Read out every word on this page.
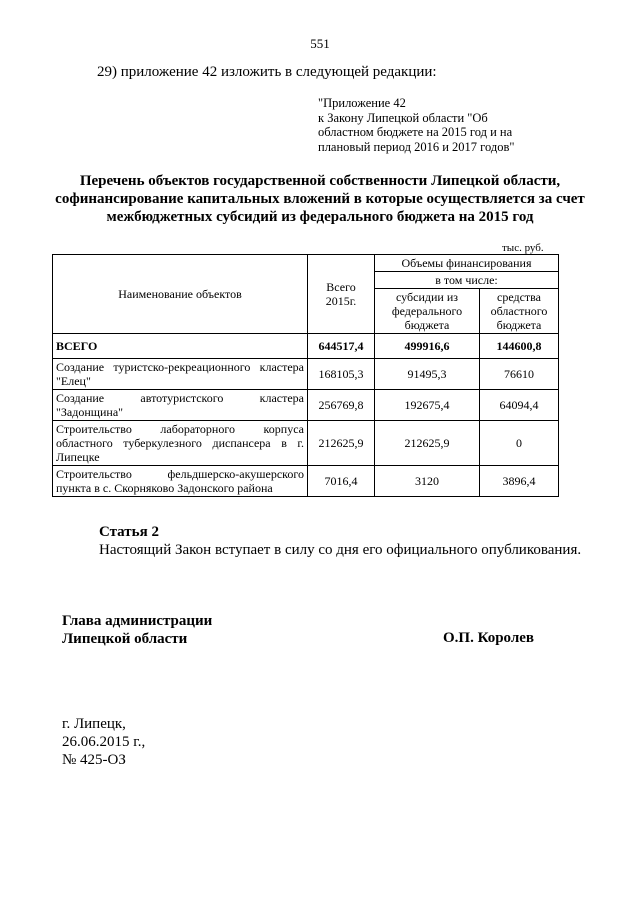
551
29) приложение 42 изложить в следующей редакции:
"Приложение 42
к Закону Липецкой области "Об
областном бюджете на 2015 год и на
плановый период 2016 и 2017 годов"
Перечень объектов государственной собственности Липецкой области,
софинансирование капитальных вложений в которые осуществляется за счет
межбюджетных субсидий из федерального бюджета на 2015 год
тыс. руб.
Наименование объектов	Всего 2015г.	Объемы финансирования	
		в том числе:	
		субсидии из федерального бюджета	средства областного бюджета
ВСЕГО	644517,4	499916,6	144600,8
Создание туристско-рекреационного кластера "Елец"	168105,3	91495,3	76610
Создание автотуристского кластера "Задонщина"	256769,8	192675,4	64094,4
Строительство лабораторного корпуса областного туберкулезного диспансера в г. Липецке	212625,9	212625,9	0
Строительство фельдшерско-акушерского пункта в с. Скорняково Задонского района	7016,4	3120	3896,4
Статья 2
Настоящий Закон вступает в силу со дня его официального опубликования.
Глава администрации
Липецкой области	О.П. Королев
г. Липецк,
26.06.2015 г.,
№ 425-ОЗ
